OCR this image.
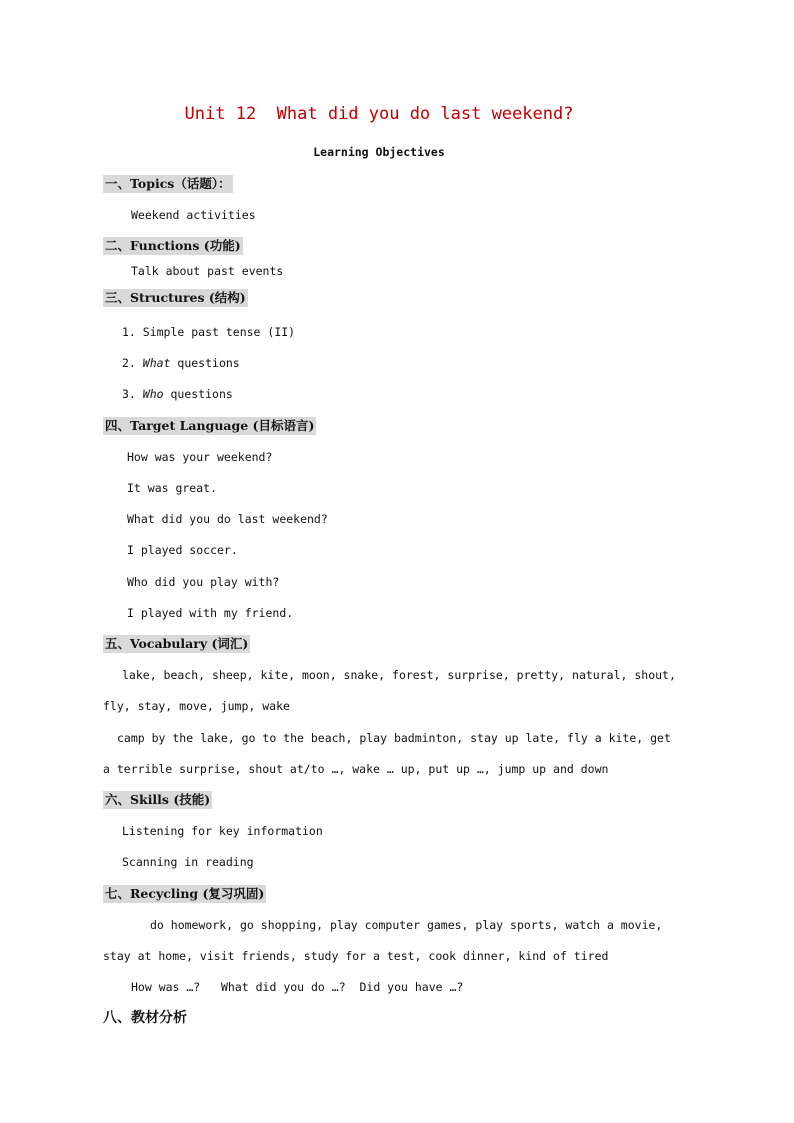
Unit 12  What did you do last weekend?
Learning Objectives
一、Topics（话题）：
Weekend activities
二、Functions (功能)
Talk about past events
三、Structures (结构)
1. Simple past tense (II)
2. What questions
3. Who questions
四、Target Language (目标语言)
How was your weekend?
It was great.
What did you do last weekend?
I played soccer.
Who did you play with?
I played with my friend.
五、Vocabulary (词汇)
lake, beach, sheep, kite, moon, snake, forest, surprise, pretty, natural, shout,
fly, stay, move, jump, wake
camp by the lake, go to the beach, play badminton, stay up late, fly a kite, get
a terrible surprise, shout at/to …, wake … up, put up …, jump up and down
六、Skills (技能)
Listening for key information
Scanning in reading
七、Recycling (复习巩固)
do homework, go shopping, play computer games, play sports, watch a movie,
stay at home, visit friends, study for a test, cook dinner, kind of tired
How was …?   What did you do …?  Did you have …?
八、教材分析
